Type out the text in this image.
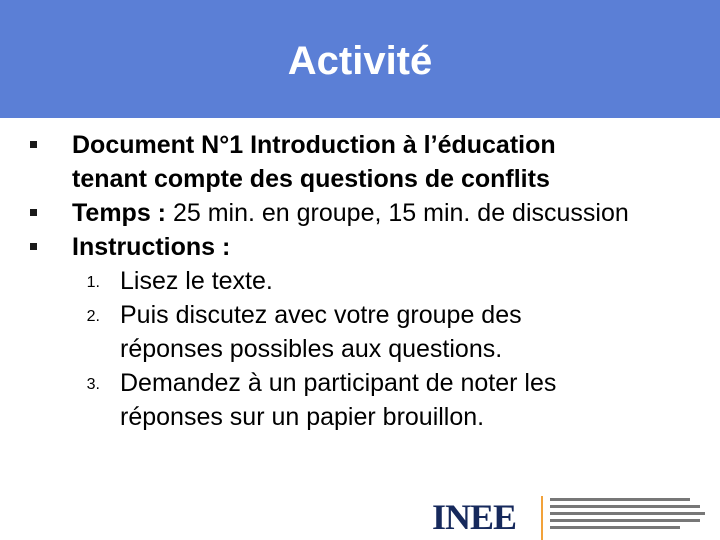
Activité
Document N°1 Introduction à l’éducation tenant compte des questions de conflits
Temps : 25 min. en groupe, 15 min. de discussion
Instructions :
1. Lisez le texte.
2. Puis discutez avec votre groupe des réponses possibles aux questions.
3. Demandez à un participant de noter les réponses sur un papier brouillon.
INEE
